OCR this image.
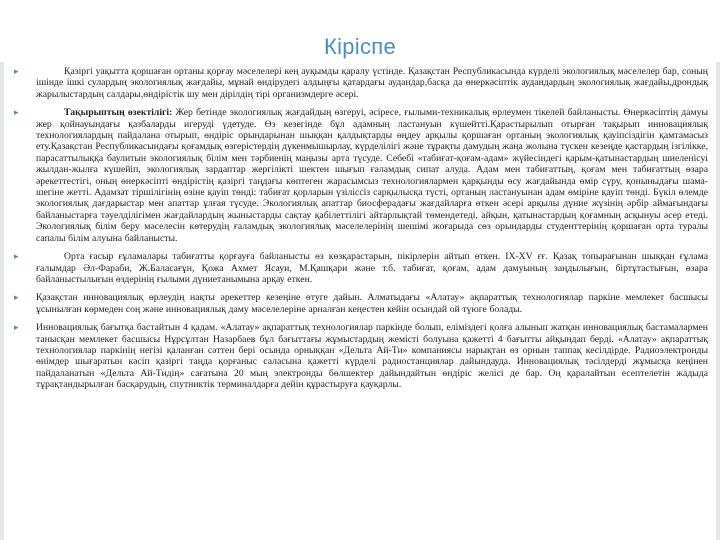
Кіріспе
▸	Қазіргі уақытта қоршаған ортаны қорғау мәселелері кең ауқымды қаралу үстінде. Қазақстан Республикасында күрделі экологиялық мәселелер бар, соның ішінде ішкі сулардың экологиялық жағдайы, мұнай өндірудегі алдыңғы қатардағы аудандар,басқа да өнеркәсіптік аудандардың экологиялық жағдайы,дрондық жарылыстардың салдары,өндірістік шу мен дірілдің тірі организмдерге әсері.
▸	Тақырыптың өзектілігі: Жер бетінде экологиялық жағдайдың өзгеруі, әсіресе, ғылыми-техникалық өрлеумен тікелей байланысты. Өнеркәсіптің дамуы жер қойнауындағы қазбаларды игеруді үдетуде. Өз кезегінде бұл адамның ластануын күшейтті.Қарастырылып отырған тақырып инновациялық технологиялардың пайдалана отырып, өндіріс орындарынан шыққан қалдықтарды өңдеу арқылы қоршаған ортаның экологиялық қауіпсіздігін қамтамасыз ету.Қазақстан Республикасындағы қоғамдық өзгерістердің дүкенмышырлау, күрделілігі және тұрақты дамудың жаңа жолына түскен кезеңде қастардың ізгілікке, парасаттылыққа баулитын экологиялық білім мен тәрбиенің маңызы арта түсуде. Себебі «табиғат-қоғам-адам» жүйесіндегі қарым-қатынастардың шиеленісуі жылдан-жылға күшейіп, экологиялық зардаптар жергілікті шектен шығып ғаламдық сипат алуда. Адам мен табиғаттың, қоғам мен табиғаттың өзара әрекеттестігі, оның өнеркәсіпті өндірістің қазіргі таңдағы көптеген жарасымсыз технологиялармен қарқынды өсу жағдайында өмір сүру, қоныныдағы шама-шегіне жетті. Адамзат тіршілігінің өзіне қауіп төнді: табиғат қорларын үзіліссіз сарқылысқа түсті, ортаның ластануынан адам өміріне қауіп төнді. Бүкіл өлемде экологиялық дағдарыстар мен апаттар ұлғая түсуде. Экологиялық апаттар биосферадағы жағдайларға өткен әсері арқылы дүние жүзінің әрбір аймағындағы байланыстарға тәуелділігімен жағдайлардың жыныстарды сақтау қабілеттілігі айтарлықтай төмендетеді, айқын, қатынастардың қоғамның асқынуы әсер етеді. Экологиялық білім беру мәселесін көтерудің ғаламдық экологиялық мәселелерінің шешімі жоғарыда сөз орындарды студенттерінің қоршаған орта туралы сапалы білім алуына байланысты.
▸	Орта ғасыр ғұламалары табиғатты қорғауға байланысты өз көзқарастарын, пікірлерін айтып өткен. IX-XV ғғ. Қазақ топырағынан шыққан ғұлама ғалымдар Әл-Фараби, Ж.Баласағұн, Қожа Ахмет Ясауи, М.Қашқари және т.б. табиғат, қоғам, адам дамуының заңдылығын, біртұтастығын, өзара байланыстылығын өздерінің ғылыми дүниетанымына арқау еткен.
▸ Қазақстан инновациялық өрлеудің нақты әрекеттер кезеңіне өтуге дайын. Алматыдағы «Алатау» ақпараттық технологиялар паркіне мемлекет басшысы ұсынылған көрмеден соң және инновациялық даму мәселелеріне арналған кеңестен кейін осындай ой түюге болады.
▸ Инновациялық бағытқа бастайтын 4 қадам. «Алатау» ақпараттық технологиялар паркінде болып, еліміздегі қолға алынып жатқан инновациялық бастамалармен танысқан мемлекет басшысы Нұрсұлтан Назарбаев бұл бағыттағы жұмыстардың жемісті болуына қажетті 4 бағытты айқындап берді. «Алатау» ақпараттық технологиялар паркінің негізі қаланған сәттен бері осында орныққан «Дельта Ай-Ти» компаниясы нарықтан өз орнын таппақ кесілдірде. Радиоэлектронды өнімдер шығаратын кәсіп қазіргі таңда қорғаныс саласына қажетті күрделі радиостанциялар дайындауда. Инновациялық тәсілдерді жұмысқа кеңінен пайдаланатын «Дельта Ай-Тидің» сағатына 20 мың электронды бөлшектер дайындайтын өндіріс желісі де бар. Оң қаралайтын есептелетін жадыда тұрақтандырылған басқарудың, спутниктік терминалдарға дейін құрастыруға қауқарлы.
